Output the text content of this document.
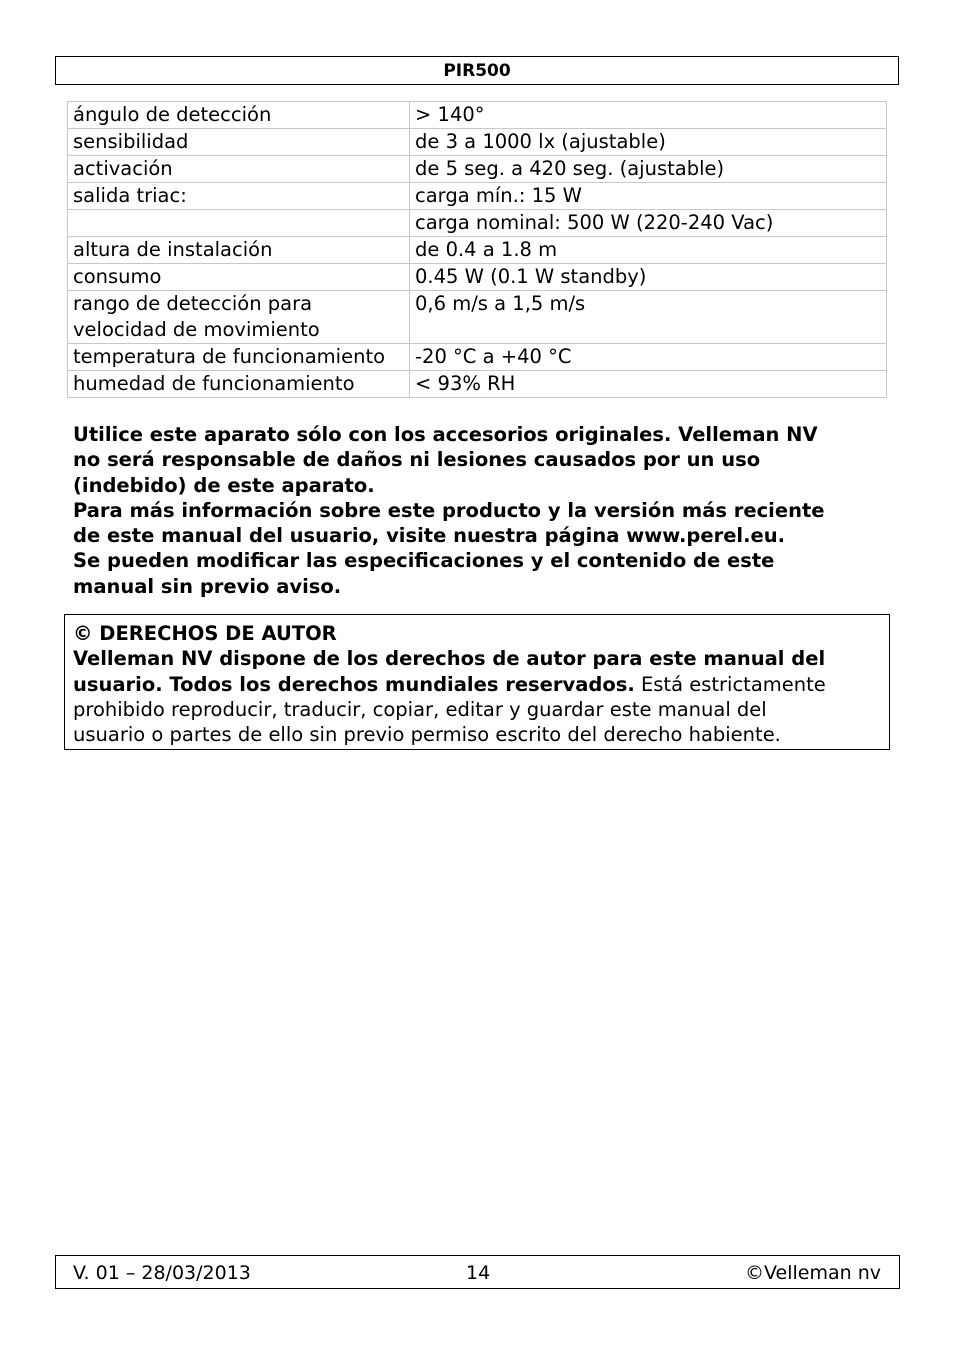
PIR500
ángulo de detección	> 140°
sensibilidad	de 3 a 1000 lx (ajustable)
activación	de 5 seg. a 420 seg. (ajustable)
salida triac:	carga mín.: 15 W
	carga nominal: 500 W (220-240 Vac)
altura de instalación	de 0.4 a 1.8 m
consumo	0.45 W (0.1 W standby)

rango de detección para
velocidad de movimiento	0,6 m/s a 1,5 m/s
temperatura de funcionamiento	-20 °C a +40 °C
humedad de funcionamiento	< 93% RH

Utilice este aparato sólo con los accesorios originales. Velleman NV

no será responsable de daños ni lesiones causados por un uso

(indebido) de este aparato.

Para más información sobre este producto y la versión más reciente

de este manual del usuario, visite nuestra página www.perel.eu.

Se pueden modificar las especificaciones y el contenido de este

manual sin previo aviso.

© DERECHOS DE AUTOR
Velleman NV dispone de los derechos de autor para este manual del
usuario. Todos los derechos mundiales reservados. Está estrictamente
prohibido reproducir, traducir, copiar, editar y guardar este manual del
usuario o partes de ello sin previo permiso escrito del derecho habiente.
V. 01 – 28/03/2013	14	©Velleman nv
